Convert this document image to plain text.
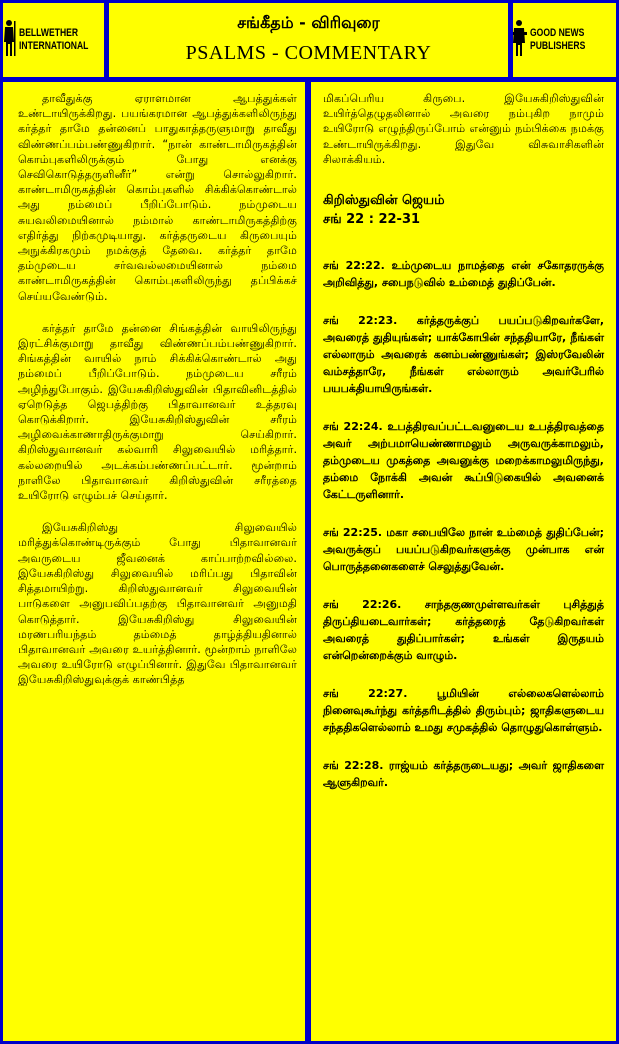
BELLWETHER INTERNATIONAL
சங்கீதம் - விரிவுரை
PSALMS - COMMENTARY
GOOD NEWS PUBLISHERS

தாவீதுக்கு ஏராளமான ஆபத்துக்கள் உண்டாயிருக்கிறது. பயங்கரமான ஆபத்துக்களிலிருந்து கர்த்தர் தாமே தன்னைப் பாதுகாத்தருளுமாறு தாவீது விண்ணப்பம்பண்ணுகிறார். “நான் காண்டாமிருகத்தின் கொம்புகளிலிருக்கும் போது எனக்கு செவிகொடுத்தருளினீர்” என்று சொல்லுகிறார். காண்டாமிருகத்தின் கொம்புகளில் சிக்கிக்கொண்டால் அது நம்மைப் பீறிப்போடும். நம்முடைய சுயவலிமையினால் நம்மால் காண்டாமிருகத்திற்கு எதிர்த்து நிற்கமுடியாது. கர்த்தருடைய கிருபையும் அநுக்கிரகமும் நமக்குத் தேவை. கர்த்தர் தாமே தம்முடைய சர்வவல்லமையினால் நம்மை காண்டாமிருகத்தின் கொம்புகளிலிருந்து தப்பிக்கச் செய்யவேண்டும்.

கர்த்தர் தாமே தன்னை சிங்கத்தின் வாயிலிருந்து இரட்சிக்குமாறு தாவீது விண்ணப்பம்பண்ணுகிறார். சிங்கத்தின் வாயில் நாம் சிக்கிக்கொண்டால் அது நம்மைப் பீறிப்போடும். நம்முடைய சரீரம் அழிந்துபோகும். இயேசுகிறிஸ்துவின் பிதாவினிடத்தில் ஏறெடுத்த ஜெபத்திற்கு பிதாவானவர் உத்தரவு கொடுக்கிறார். இயேசுகிறிஸ்துவின் சரீரம் அழிவைக்காணாதிருக்குமாறு செய்கிறார். கிறிஸ்துவானவர் கல்வாரி சிலுவையில் மரித்தார். கல்லறையில் அடக்கம்பண்ணப்பட்டார். மூன்றாம் நாளிலே பிதாவானவர் கிறிஸ்துவின் சரீரத்தை உயிரோடு எழும்பச் செய்தார்.

இயேசுகிறிஸ்து சிலுவையில் மரித்துக்கொண்டிருக்கும் போது பிதாவானவர் அவருடைய ஜீவனைக் காப்பாற்றவில்லை. இயேசுகிறிஸ்து சிலுவையில் மரிப்பது பிதாவின் சித்தமாயிற்று. கிறிஸ்துவானவர் சிலுவையின் பாடுகளை அனுபவிப்பதற்கு பிதாவானவர் அனுமதி கொடுத்தார். இயேசுகிறிஸ்து சிலுவையின் மரணபரியந்தம் தம்மைத் தாழ்த்தியதினால் பிதாவானவர் அவரை உயர்த்தினார். மூன்றாம் நாளிலே அவரை உயிரோடு எழுப்பினார். இதுவே பிதாவானவர் இயேசுகிறிஸ்துவுக்குக் காண்பித்த

மிகப்பெரிய கிருபை. இயேசுகிறிஸ்துவின் உயிர்த்தெழுதலினால் அவரை நம்புகிற நாமும் உயிரோடு எழுந்திருப்போம் என்னும் நம்பிக்கை நமக்கு உண்டாயிருக்கிறது. இதுவே விசுவாசிகளின் சிலாக்கியம்.

கிறிஸ்துவின் ஜெயம்
சங் 22 : 22-31

சங் 22:22. உம்முடைய நாமத்தை என் சகோதரருக்கு அறிவித்து, சபைநடுவில் உம்மைத் துதிப்பேன்.

சங் 22:23. கர்த்தருக்குப் பயப்படுகிறவர்களே, அவரைத் துதியுங்கள்; யாக்கோபின் சந்ததியாரே, நீங்கள் எல்லாரும் அவரைக் கனம்பண்ணுங்கள்; இஸ்ரவேலின் வம்சத்தாரே, நீங்கள் எல்லாரும் அவர்பேரில் பயபக்தியாயிருங்கள்.

சங் 22:24. உபத்திரவப்பட்டவனுடைய உபத்திரவத்தை அவர் அற்பமாயெண்ணாமலும் அருவருக்காமலும், தம்முடைய முகத்தை அவனுக்கு மறைக்காமலுமிருந்து, தம்மை நோக்கி அவன் கூப்பிடுகையில் அவனைக் கேட்டருளினார்.

சங் 22:25. மகா சபையிலே நான் உம்மைத் துதிப்பேன்; அவருக்குப் பயப்படுகிறவர்களுக்கு முன்பாக என் பொருத்தனைகளைச் செலுத்துவேன்.

சங் 22:26. சாந்தகுணமுள்ளவர்கள் புசித்துத் திருப்தியடைவார்கள்; கர்த்தரைத் தேடுகிறவர்கள் அவரைத் துதிப்பார்கள்; உங்கள் இருதயம் என்றென்றைக்கும் வாழும்.

சங் 22:27. பூமியின் எல்லைகளெல்லாம் நினைவுகூர்ந்து கர்த்தரிடத்தில் திரும்பும்; ஜாதிகளுடைய சந்ததிகளெல்லாம் உமது சமுகத்தில் தொழுதுகொள்ளும்.

சங் 22:28. ராஜ்யம் கர்த்தருடையது; அவர் ஜாதிகளை ஆளுகிறவர்.
